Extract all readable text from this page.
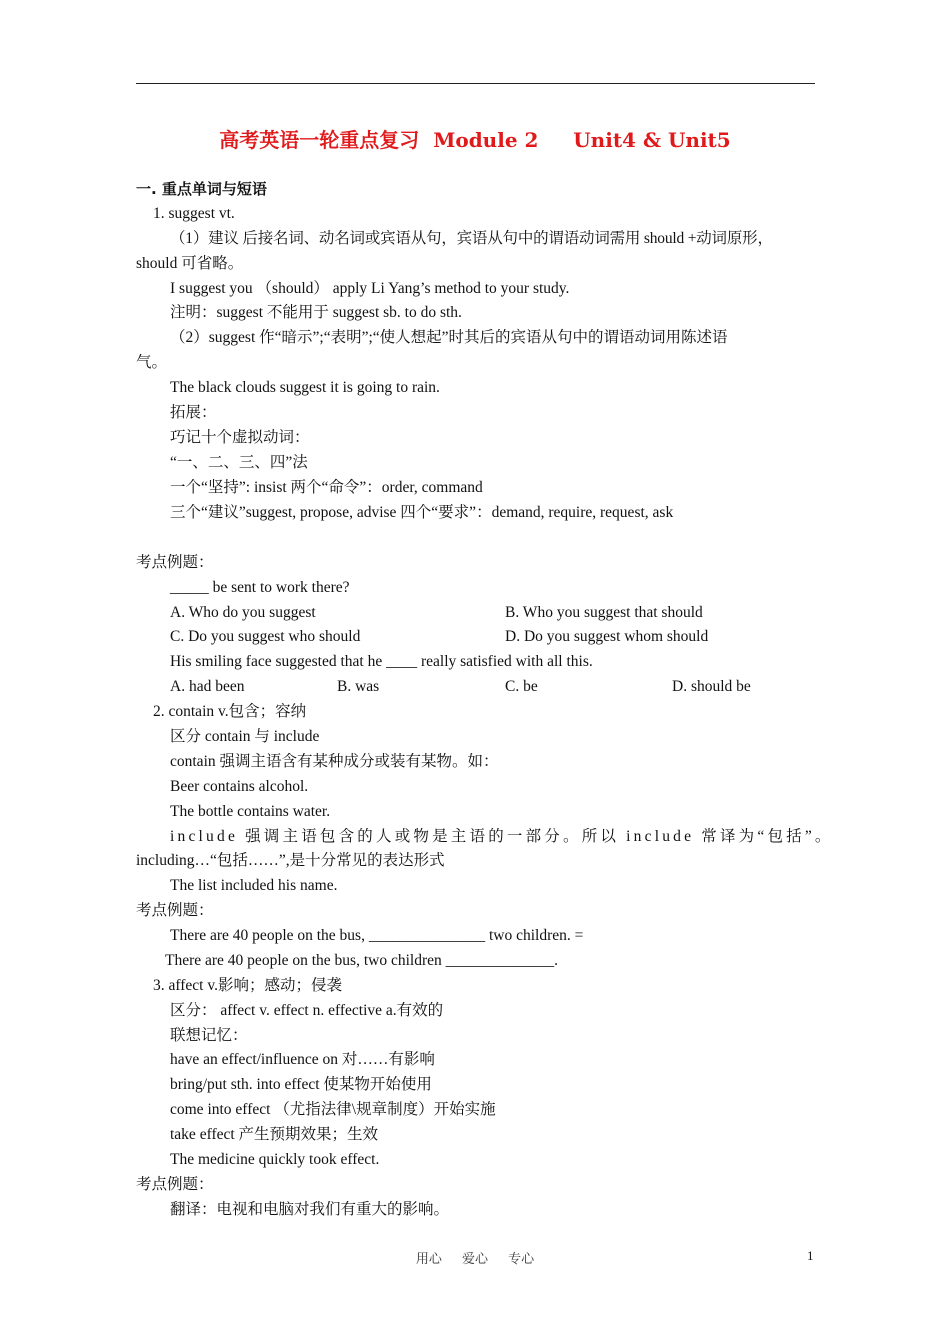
高考英语一轮重点复习  Module 2     Unit4 & Unit5
一. 重点单词与短语
1. suggest vt.
（1）建议 后接名词、动名词或宾语从句，宾语从句中的谓语动词需用 should +动词原形，
should 可省略。
I suggest you （should） apply Li Yang’s method to your study.
注明：suggest 不能用于 suggest sb. to do sth.
（2）suggest 作“暗示”;“表明”;“使人想起”时其后的宾语从句中的谓语动词用陈述语
气。
The black clouds suggest it is going to rain.
拓展：
巧记十个虚拟动词：
“一、二、三、四”法
一个“坚持”: insist 两个“命令”：order, command
三个“建议”suggest, propose, advise 四个“要求”：demand, require, request, ask
考点例题：
_____ be sent to work there?
A. Who do you suggest	B. Who you suggest that should
C. Do you suggest who should	D. Do you suggest whom should
His smiling face suggested that he ____ really satisfied with all this.
A. had been	B. was	C. be	D. should be
2. contain v.包含；容纳
区分 contain 与 include
contain 强调主语含有某种成分或装有某物。如：
Beer contains alcohol.
The bottle contains water.
include 强调主语包含的人或物是主语的一部分。所以 include 常译为“包括”。
including…“包括……”,是十分常见的表达形式
The list included his name.
考点例题：
There are 40 people on the bus, _______________ two children. =
There are 40 people on the bus, two children ______________.
3. affect v.影响；感动；侵袭
区分： affect v. effect n. effective a.有效的
联想记忆：
have an effect/influence on 对……有影响
bring/put sth. into effect 使某物开始使用
come into effect （尤指法律\规章制度）开始实施
take effect 产生预期效果；生效
The medicine quickly took effect.
考点例题：
翻译：电视和电脑对我们有重大的影响。
用心 爱心 专心	1
